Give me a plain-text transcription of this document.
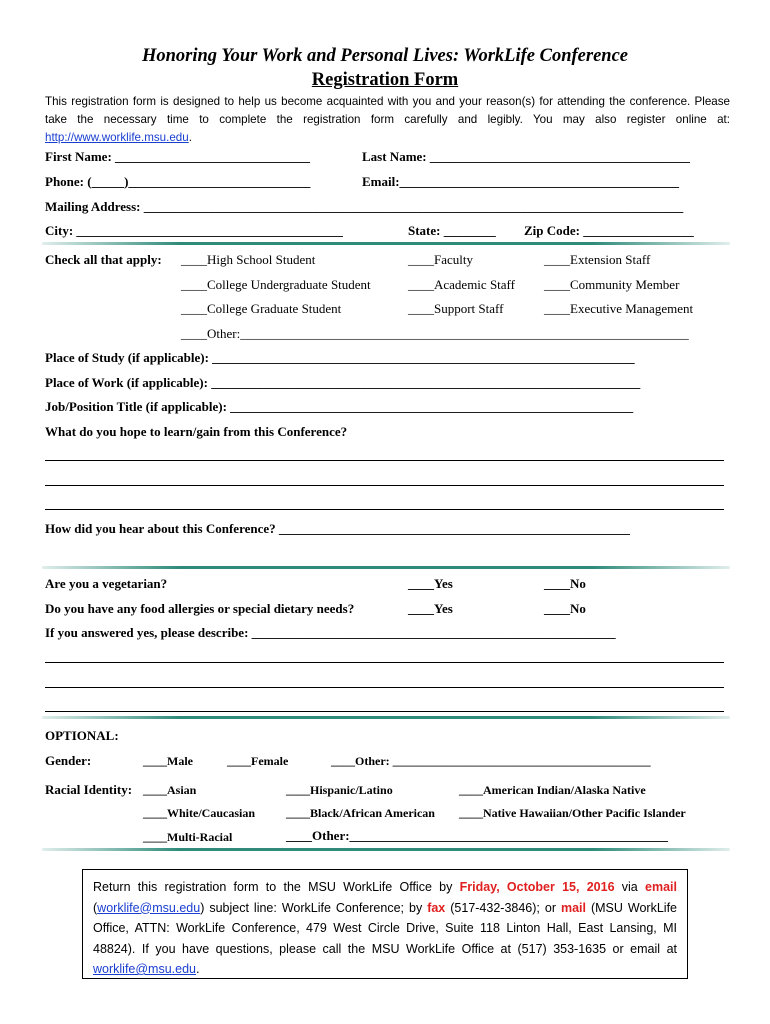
Honoring Your Work and Personal Lives: WorkLife Conference
Registration Form
This registration form is designed to help us become acquainted with you and your reason(s) for attending the conference. Please take the necessary time to complete the registration form carefully and legibly. You may also register online at: http://www.worklife.msu.edu.
First Name: ______________________________	Last Name: ________________________________________
Phone: (_____)____________________________	Email:___________________________________________
Mailing Address: ___________________________________________________________________________________
City: _________________________________________	State: ________ Zip Code: _________________
Check all that apply: ____High School Student	____Faculty	____Extension Staff
____College Undergraduate Student	____Academic Staff ____Community Member
____College Graduate Student	____Support Staff	____Executive Management
____Other:_____________________________________________________________________
Place of Study (if applicable): _________________________________________________________________
Place of Work (if applicable): __________________________________________________________________
Job/Position Title (if applicable): ______________________________________________________________
What do you hope to learn/gain from this Conference?
How did you hear about this Conference? ______________________________________________________
Are you a vegetarian?	____Yes	____No
Do you have any food allergies or special dietary needs?	____Yes	____No
If you answered yes, please describe: ________________________________________________________
OPTIONAL:
Gender:	____Male	____Female	____Other: ___________________________________________
Racial Identity: ____Asian	____Hispanic/Latino	____American Indian/Alaska Native
____White/Caucasian	____Black/African American ____Native Hawaiian/Other Pacific Islander
____Multi-Racial	____Other:_________________________________________________
Return this registration form to the MSU WorkLife Office by Friday, October 15, 2016 via email (worklife@msu.edu) subject line: WorkLife Conference; by fax (517-432-3846); or mail (MSU WorkLife Office, ATTN: WorkLife Conference, 479 West Circle Drive, Suite 118 Linton Hall, East Lansing, MI 48824). If you have questions, please call the MSU WorkLife Office at (517) 353-1635 or email at worklife@msu.edu.
